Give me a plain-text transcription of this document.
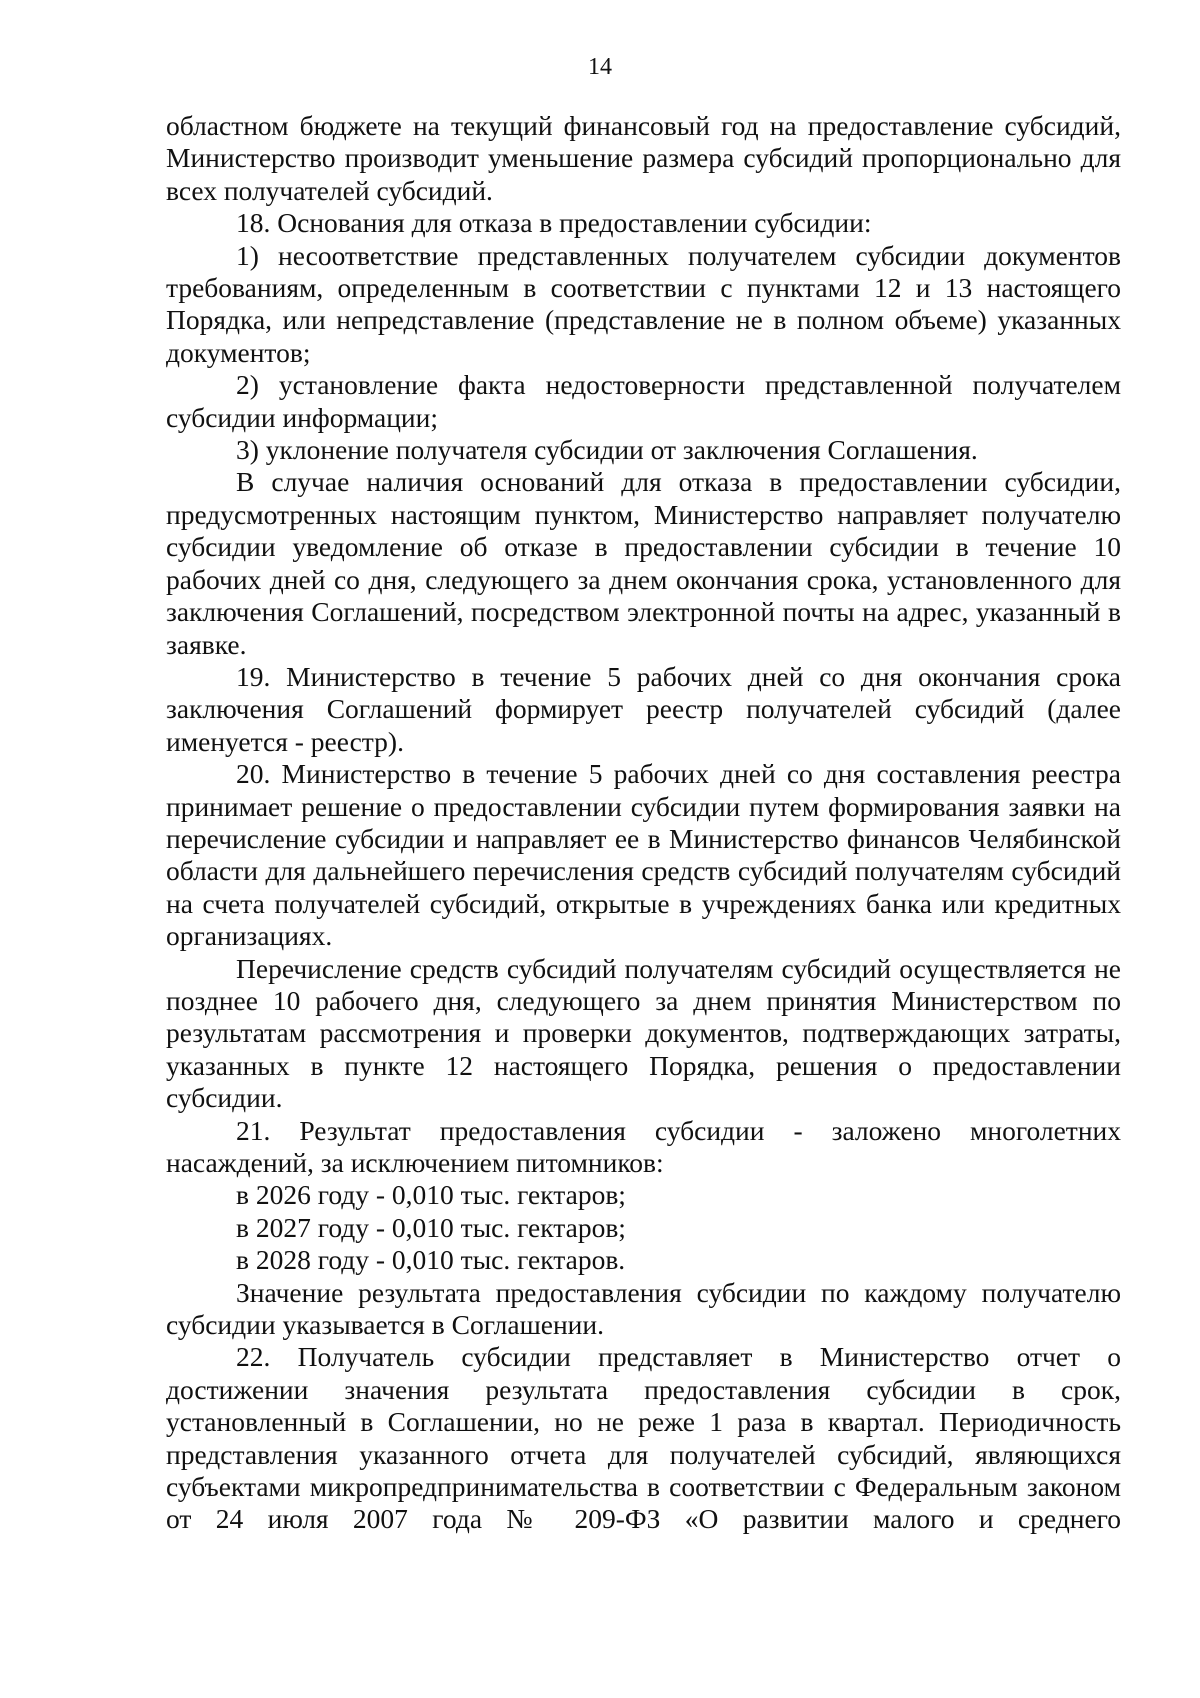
14

областном бюджете на текущий финансовый год на предоставление субсидий, Министерство производит уменьшение размера субсидий пропорционально для всех получателей субсидий.

18. Основания для отказа в предоставлении субсидии:

1) несоответствие представленных получателем субсидии документов требованиям, определенным в соответствии с пунктами 12 и 13 настоящего Порядка, или непредставление (представление не в полном объеме) указанных документов;

2) установление факта недостоверности представленной получателем субсидии информации;

3) уклонение получателя субсидии от заключения Соглашения.

В случае наличия оснований для отказа в предоставлении субсидии, предусмотренных настоящим пунктом, Министерство направляет получателю субсидии уведомление об отказе в предоставлении субсидии в течение 10 рабочих дней со дня, следующего за днем окончания срока, установленного для заключения Соглашений, посредством электронной почты на адрес, указанный в заявке.

19. Министерство в течение 5 рабочих дней со дня окончания срока заключения Соглашений формирует реестр получателей субсидий (далее именуется - реестр).

20. Министерство в течение 5 рабочих дней со дня составления реестра принимает решение о предоставлении субсидии путем формирования заявки на перечисление субсидии и направляет ее в Министерство финансов Челябинской области для дальнейшего перечисления средств субсидий получателям субсидий на счета получателей субсидий, открытые в учреждениях банка или кредитных организациях.

Перечисление средств субсидий получателям субсидий осуществляется не позднее 10 рабочего дня, следующего за днем принятия Министерством по результатам рассмотрения и проверки документов, подтверждающих затраты, указанных в пункте 12 настоящего Порядка, решения о предоставлении субсидии.

21. Результат предоставления субсидии - заложено многолетних насаждений, за исключением питомников:

в 2026 году - 0,010 тыс. гектаров;

в 2027 году - 0,010 тыс. гектаров;

в 2028 году - 0,010 тыс. гектаров.

Значение результата предоставления субсидии по каждому получателю субсидии указывается в Соглашении.

22. Получатель субсидии представляет в Министерство отчет о достижении значения результата предоставления субсидии в срок, установленный в Соглашении, но не реже 1 раза в квартал. Периодичность представления указанного отчета для получателей субсидий, являющихся субъектами микропредпринимательства в соответствии с Федеральным законом от 24 июля 2007 года № 209-ФЗ «О развитии малого и среднего
